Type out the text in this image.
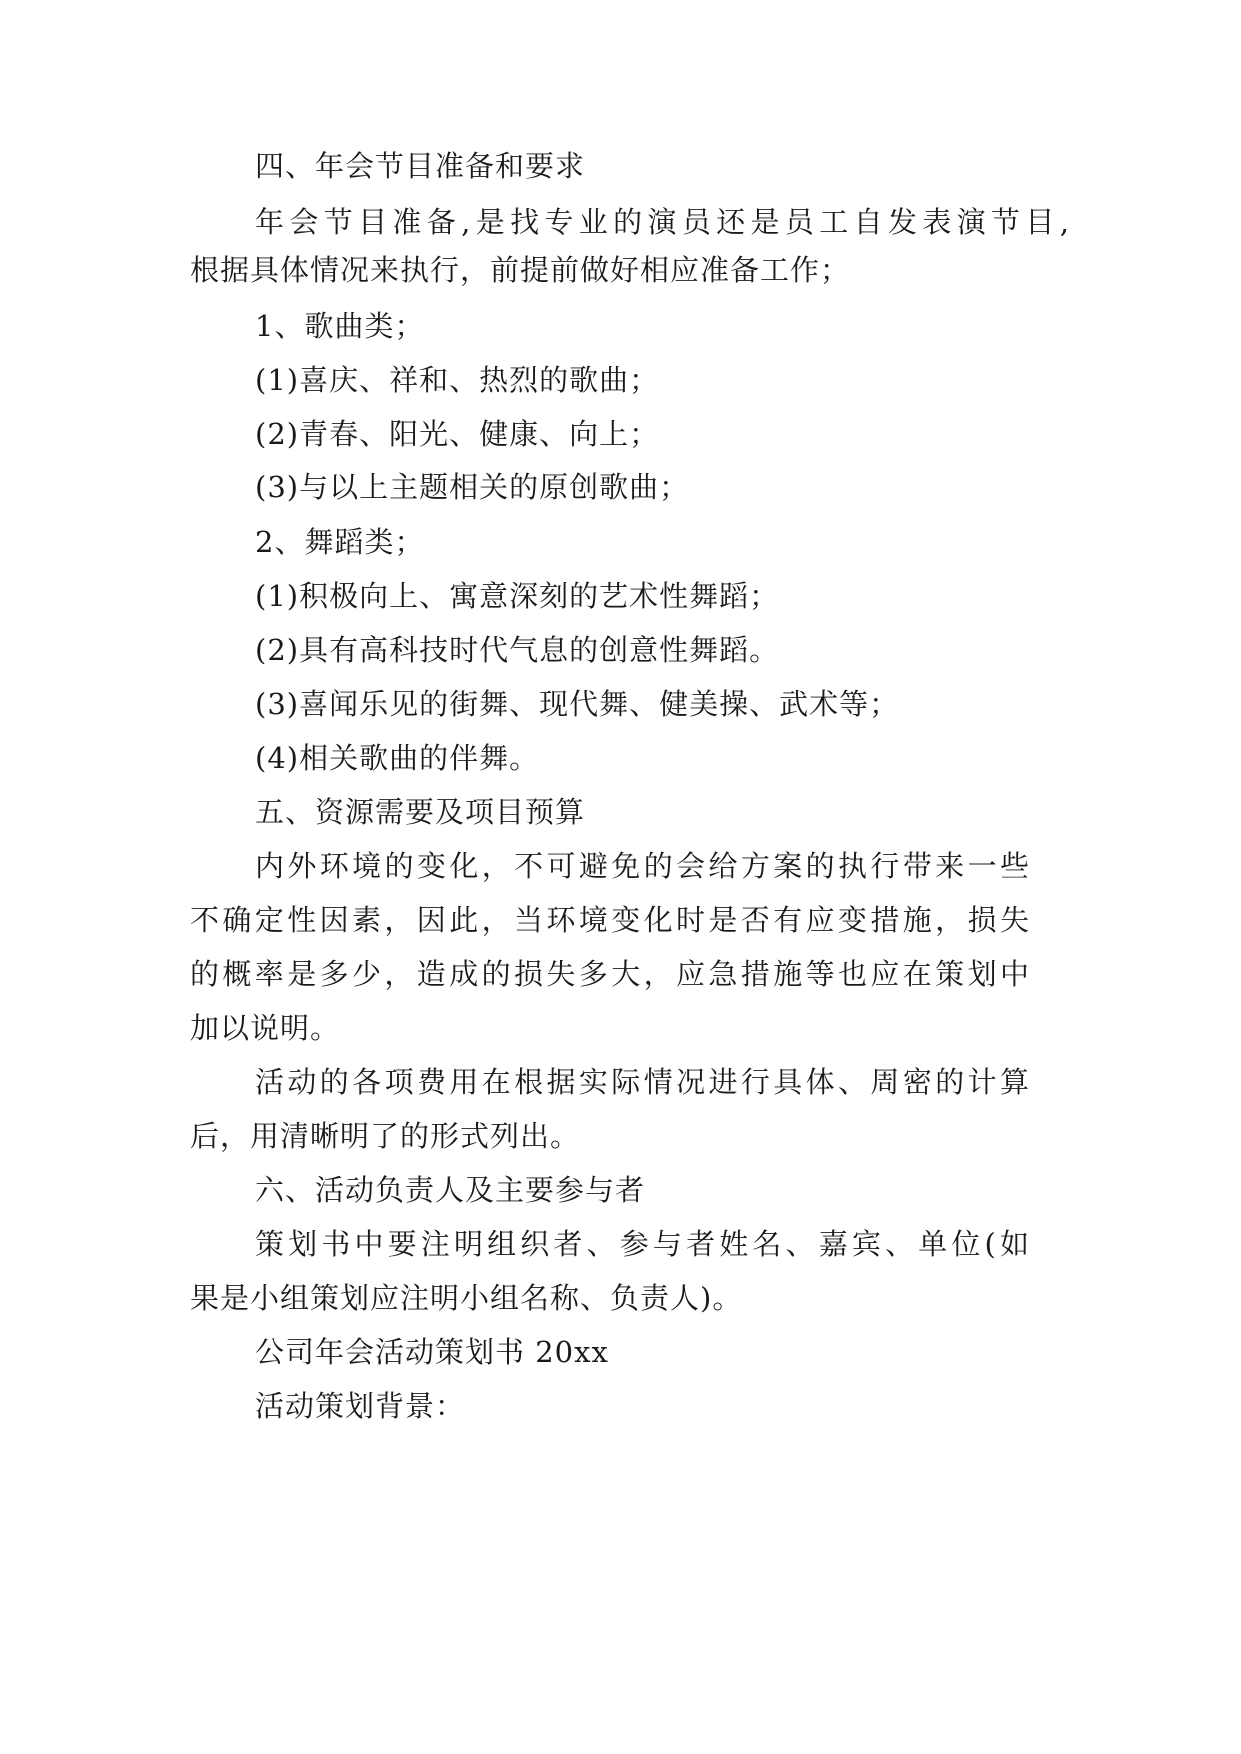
四、年会节目准备和要求
年会节目准备,是找专业的演员还是员工自发表演节目,
根据具体情况来执行，前提前做好相应准备工作；
1、歌曲类；
(1)喜庆、祥和、热烈的歌曲；
(2)青春、阳光、健康、向上；
(3)与以上主题相关的原创歌曲；
2、舞蹈类；
(1)积极向上、寓意深刻的艺术性舞蹈；
(2)具有高科技时代气息的创意性舞蹈。
(3)喜闻乐见的街舞、现代舞、健美操、武术等；
(4)相关歌曲的伴舞。
五、资源需要及项目预算
内外环境的变化，不可避免的会给方案的执行带来一些
不确定性因素，因此，当环境变化时是否有应变措施，损失
的概率是多少，造成的损失多大，应急措施等也应在策划中
加以说明。
活动的各项费用在根据实际情况进行具体、周密的计算
后，用清晰明了的形式列出。
六、活动负责人及主要参与者
策划书中要注明组织者、参与者姓名、嘉宾、单位(如
果是小组策划应注明小组名称、负责人)。
公司年会活动策划书 20xx
活动策划背景：
